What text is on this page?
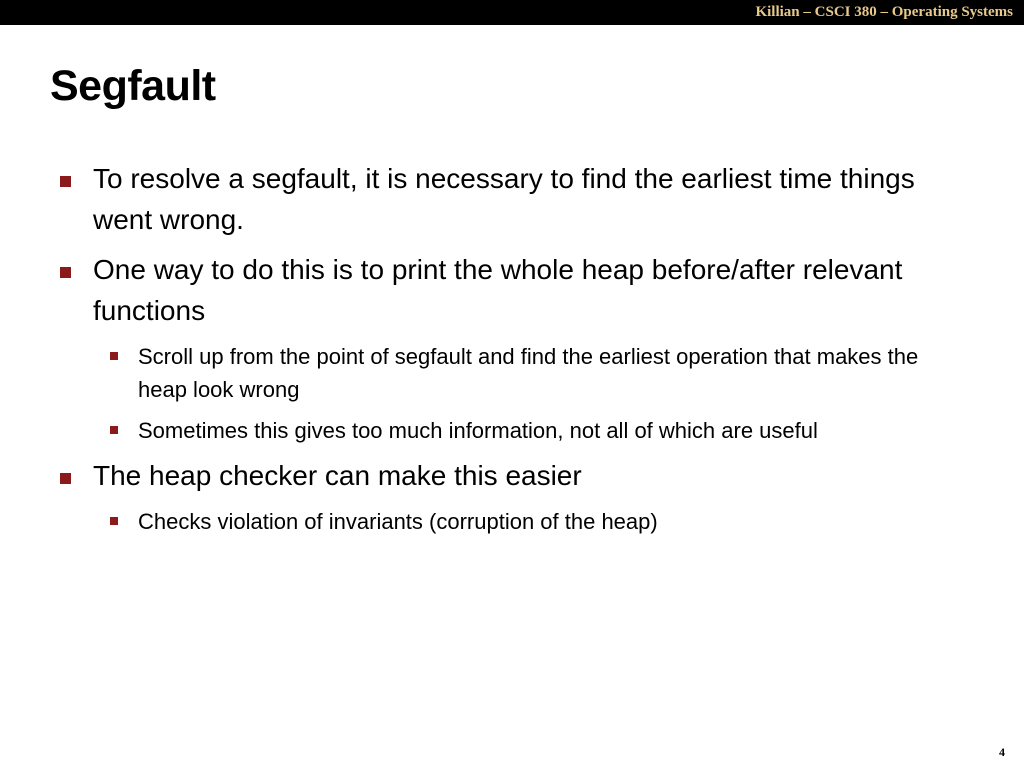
Killian – CSCI 380 – Operating Systems
Segfault
To resolve a segfault, it is necessary to find the earliest time things went wrong.
One way to do this is to print the whole heap before/after relevant functions
Scroll up from the point of segfault and find the earliest operation that makes the heap look wrong
Sometimes this gives too much information, not all of which are useful
The heap checker can make this easier
Checks violation of invariants (corruption of the heap)
4
